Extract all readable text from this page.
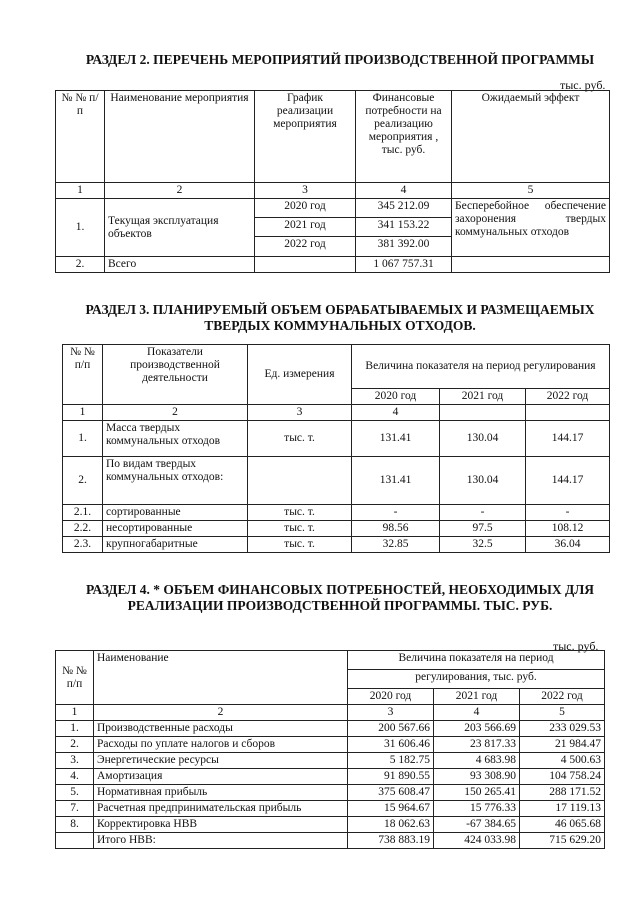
РАЗДЕЛ 2. ПЕРЕЧЕНЬ МЕРОПРИЯТИЙ ПРОИЗВОДСТВЕННОЙ ПРОГРАММЫ
тыс. руб.
№ № п/п	Наименование мероприятия	График реализации мероприятия	Финансовые потребности на реализацию мероприятия , тыс. руб.	Ожидаемый эффект
1	2	3	4	5
1.	Текущая эксплуатация объектов	2020 год	345 212.09	Бесперебойное обеспечение захоронения твердых коммунальных отходов
		2021 год	341 153.22	
		2022 год	381 392.00	
2.	Всего		1 067 757.31	
РАЗДЕЛ 3. ПЛАНИРУЕМЫЙ ОБЪЕМ ОБРАБАТЫВАЕМЫХ И РАЗМЕЩАЕМЫХ
ТВЕРДЫХ КОММУНАЛЬНЫХ ОТХОДОВ.
№ № п/п	Показатели производственной деятельности	Ед. измерения	Величина показателя на период регулирования		
			2020 год	2021 год	2022 год
1	2	3	4		
1.	Масса твердых коммунальных отходов	тыс. т.	131.41	130.04	144.17
2.	По видам твердых коммунальных отходов:		131.41	130.04	144.17
2.1.	сортированные	тыс. т.	-	-	-
2.2.	несортированные	тыс. т.	98.56	97.5	108.12
2.3.	крупногабаритные	тыс. т.	32.85	32.5	36.04
РАЗДЕЛ 4. * ОБЪЕМ ФИНАНСОВЫХ ПОТРЕБНОСТЕЙ, НЕОБХОДИМЫХ ДЛЯ
РЕАЛИЗАЦИИ ПРОИЗВОДСТВЕННОЙ ПРОГРАММЫ. ТЫС. РУБ.
тыс. руб.
№ № п/п	Наименование	Величина показателя на период		
		регулирования, тыс. руб.		
		2020 год	2021 год	2022 год
1	2	3	4	5
1.	Производственные расходы	200 567.66	203 566.69	233 029.53
2.	Расходы по уплате налогов и сборов	31 606.46	23 817.33	21 984.47
3.	Энергетические ресурсы	5 182.75	4 683.98	4 500.63
4.	Амортизация	91 890.55	93 308.90	104 758.24
5.	Нормативная прибыль	375 608.47	150 265.41	288 171.52
7.	Расчетная предпринимательская прибыль	15 964.67	15 776.33	17 119.13
8.	Корректировка НВВ	18 062.63	-67 384.65	46 065.68
	Итого НВВ:	738 883.19	424 033.98	715 629.20
